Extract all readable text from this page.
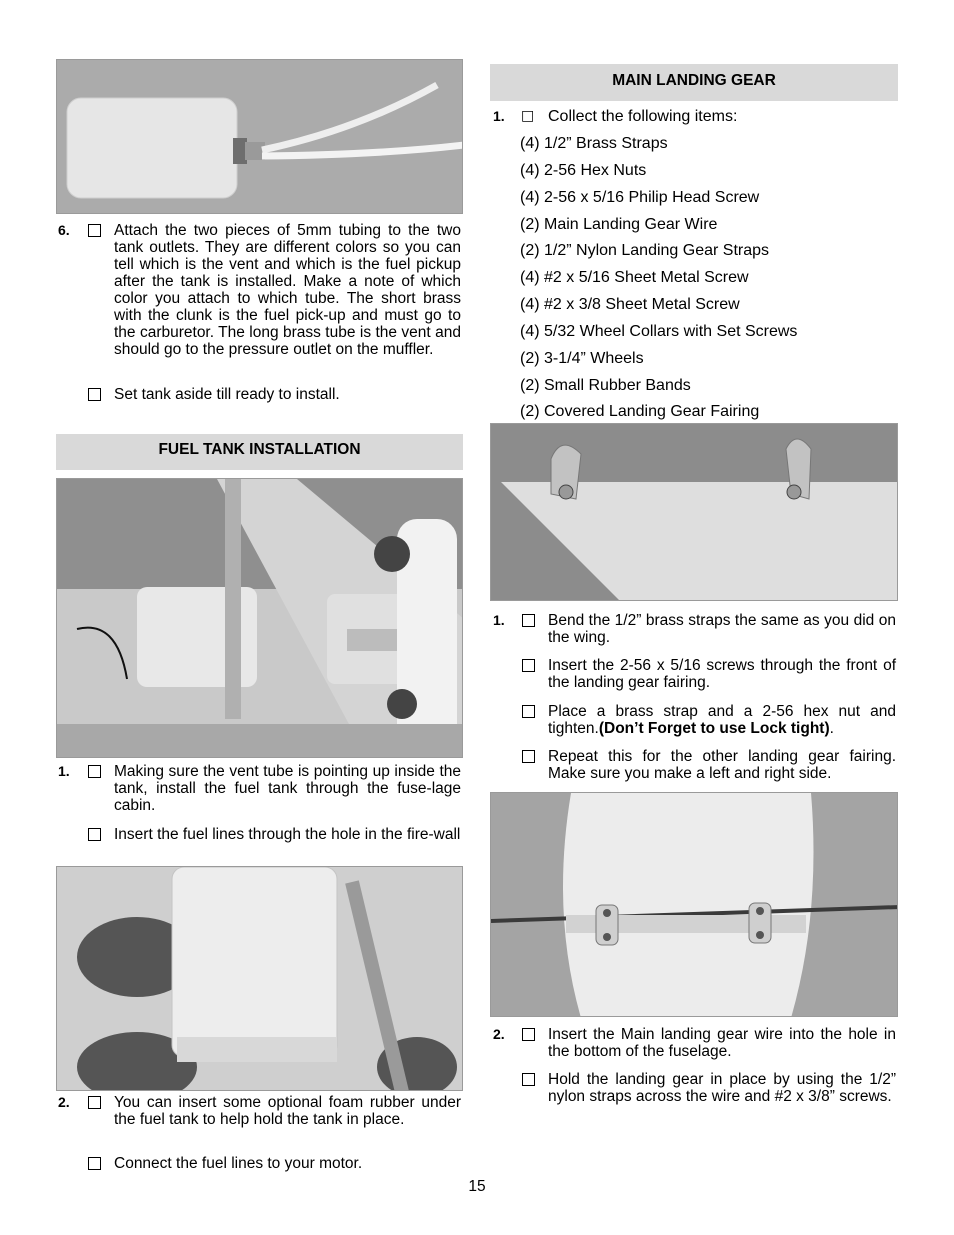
6.	Attach the two pieces of 5mm tubing to the two tank outlets. They are different colors so you can tell which is the vent and which is the fuel pickup after the tank is installed. Make a note of which color you attach to which tube. The short brass with the clunk is the fuel pick-up and must go to the carburetor. The long brass tube is the vent and should go to the pressure outlet on the muffler.
Set tank aside till ready to install.
FUEL TANK INSTALLATION
1.	Making sure the vent tube is pointing up inside the tank, install the fuel tank through the fuse-lage cabin.
Insert the fuel lines through the hole in the fire-wall
2.	You can insert some optional foam rubber under the fuel tank to help hold the tank in place.
Connect the fuel lines to your motor.
MAIN LANDING GEAR
1. □ Collect the following items:
(4) 1/2” Brass Straps
(4) 2-56 Hex Nuts
(4) 2-56 x 5/16 Philip Head Screw
(2) Main Landing Gear Wire
(2) 1/2” Nylon Landing Gear Straps
(4) #2 x 5/16 Sheet Metal Screw
(4) #2 x 3/8 Sheet Metal Screw
(4) 5/32 Wheel Collars with Set Screws
(2) 3-1/4” Wheels
(2) Small Rubber Bands
(2) Covered Landing Gear Fairing
1.	Bend the 1/2” brass straps the same as you did on the wing.
Insert the 2-56 x 5/16 screws through the front of the landing gear fairing.
Place a brass strap and a 2-56 hex nut and tighten.(Don’t Forget to use Lock tight).
Repeat this for the other landing gear fairing. Make sure you make a left and right side.
2.	Insert the Main landing gear wire into the hole in the bottom of the fuselage.
Hold the landing gear in place by using the 1/2” nylon straps across the wire and #2 x 3/8” screws.
15
